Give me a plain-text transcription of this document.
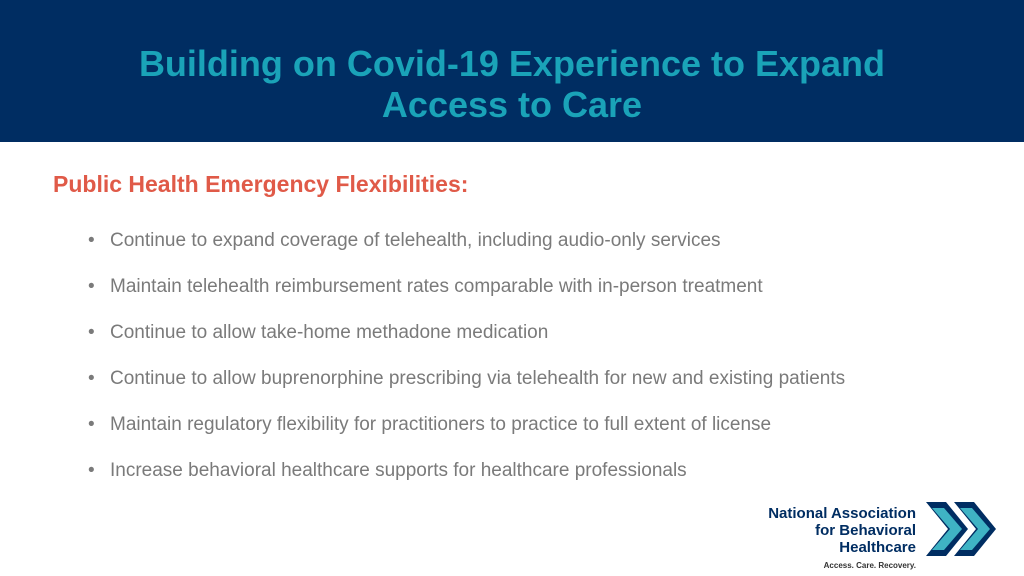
Building on Covid-19 Experience to Expand
Access to Care
Public Health Emergency Flexibilities:
• Continue to expand coverage of telehealth, including audio-only services
• Maintain telehealth reimbursement rates comparable with in-person treatment
• Continue to allow take-home methadone medication
• Continue to allow buprenorphine prescribing via telehealth for new and existing patients
• Maintain regulatory flexibility for practitioners to practice to full extent of license
• Increase behavioral healthcare supports for healthcare professionals
National Association
for Behavioral Healthcare
Access. Care. Recovery.
